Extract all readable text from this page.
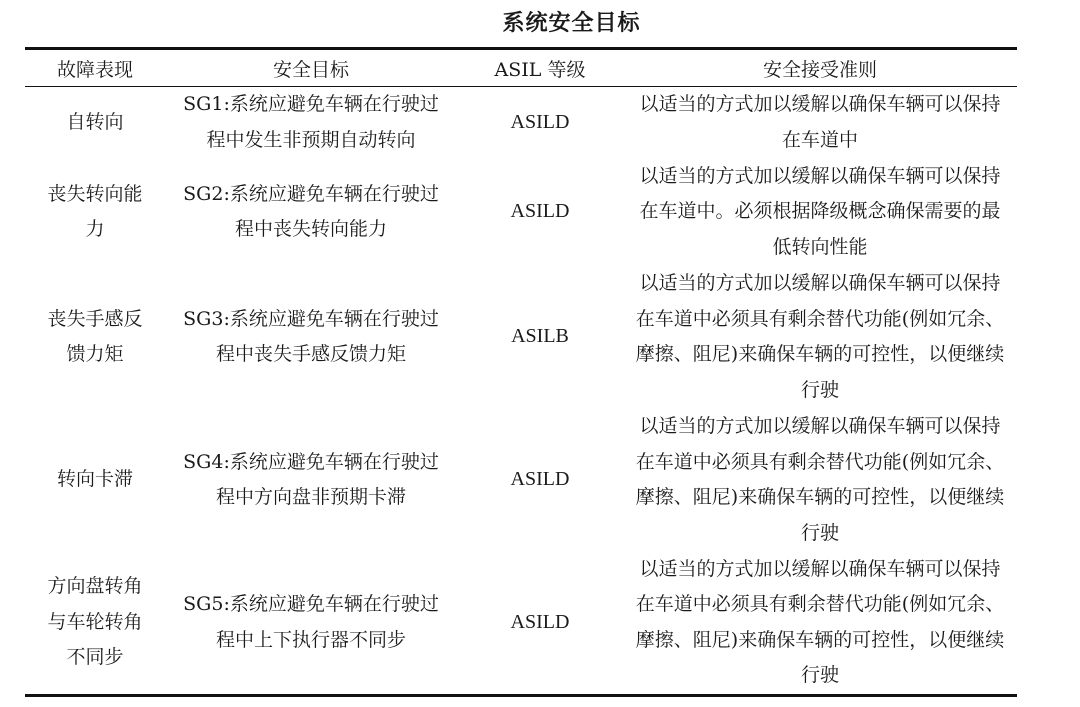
系统安全目标
故障表现	安全目标	ASIL 等级	安全接受准则

自转向	SG1:系统应避免车辆在行驶过程中发生非预期自动转向	ASILD	以适当的方式加以缓解以确保车辆可以保持在车道中

丧失转向能力	SG2:系统应避免车辆在行驶过程中丧失转向能力	ASILD	以适当的方式加以缓解以确保车辆可以保持在车道中。必须根据降级概念确保需要的最低转向性能

丧失手感反馈力矩	SG3:系统应避免车辆在行驶过程中丧失手感反馈力矩	ASILB	以适当的方式加以缓解以确保车辆可以保持在车道中必须具有剩余替代功能(例如冗余、摩擦、阻尼)来确保车辆的可控性，以便继续行驶

转向卡滞	SG4:系统应避免车辆在行驶过程中方向盘非预期卡滞	ASILD	以适当的方式加以缓解以确保车辆可以保持在车道中必须具有剩余替代功能(例如冗余、摩擦、阻尼)来确保车辆的可控性，以便继续行驶

方向盘转角与车轮转角不同步	SG5:系统应避免车辆在行驶过程中上下执行器不同步	ASILD	以适当的方式加以缓解以确保车辆可以保持在车道中必须具有剩余替代功能(例如冗余、摩擦、阻尼)来确保车辆的可控性，以便继续行驶
